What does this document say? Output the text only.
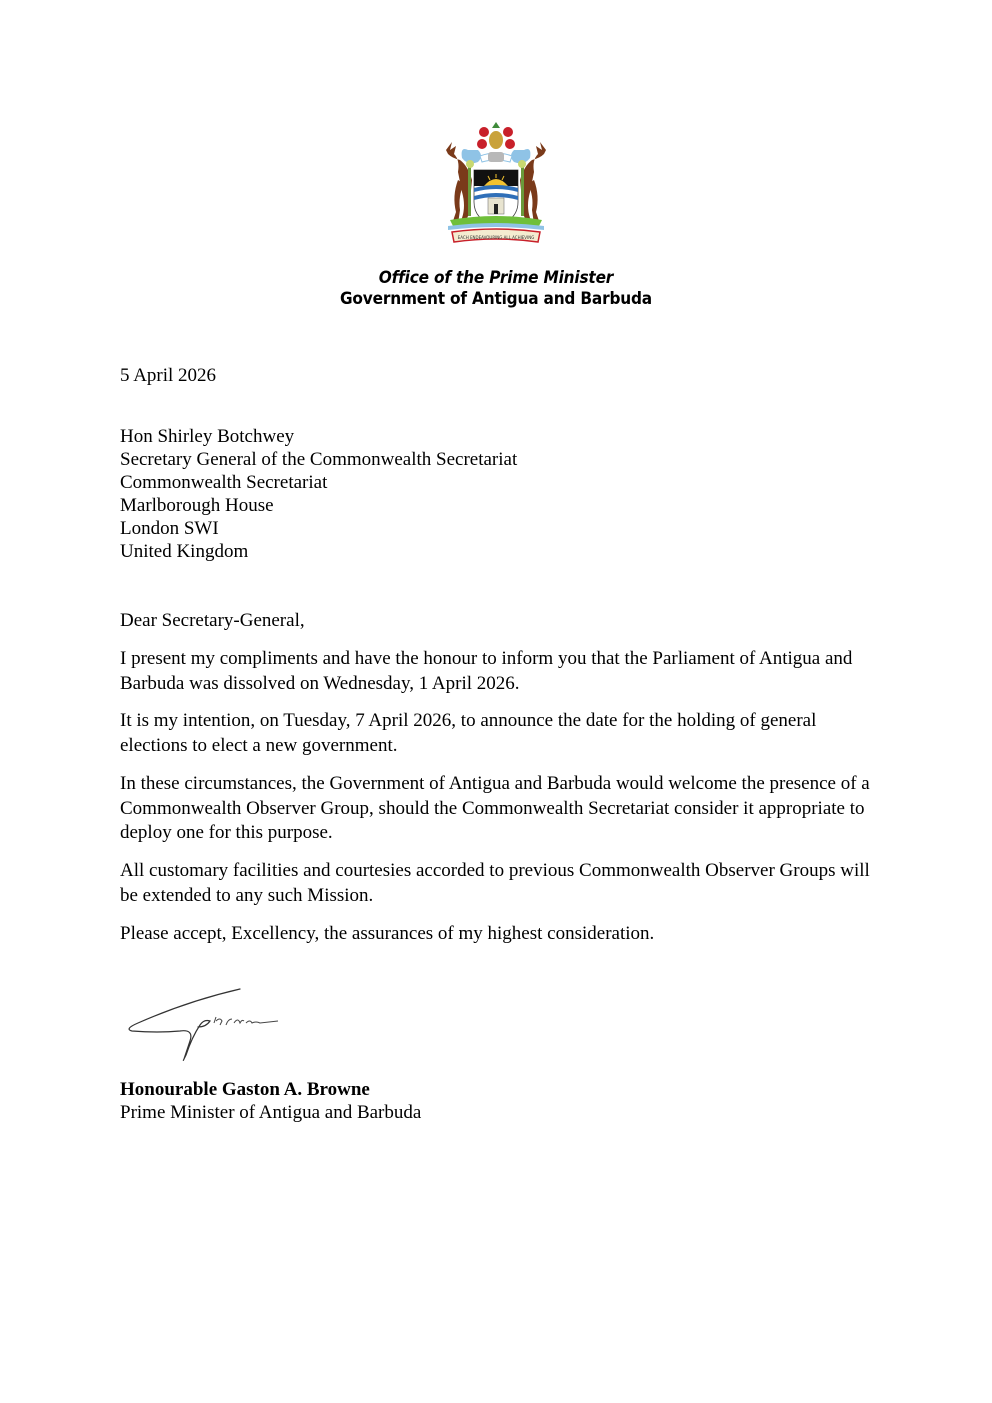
EACH ENDEAVOURING ALL ACHIEVING
Office of the Prime Minister
Government of Antigua and Barbuda
5 April 2026
Hon Shirley Botchwey
Secretary General of the Commonwealth Secretariat
Commonwealth Secretariat
Marlborough House
London SWI
United Kingdom
Dear Secretary-General,
I present my compliments and have the honour to inform you that the Parliament of Antigua and Barbuda was dissolved on Wednesday, 1 April 2026.
It is my intention, on Tuesday, 7 April 2026, to announce the date for the holding of general elections to elect a new government.
In these circumstances, the Government of Antigua and Barbuda would welcome the presence of a Commonwealth Observer Group, should the Commonwealth Secretariat consider it appropriate to deploy one for this purpose.
All customary facilities and courtesies accorded to previous Commonwealth Observer Groups will be extended to any such Mission.
Please accept, Excellency, the assurances of my highest consideration.
Honourable Gaston A. Browne
Prime Minister of Antigua and Barbuda
